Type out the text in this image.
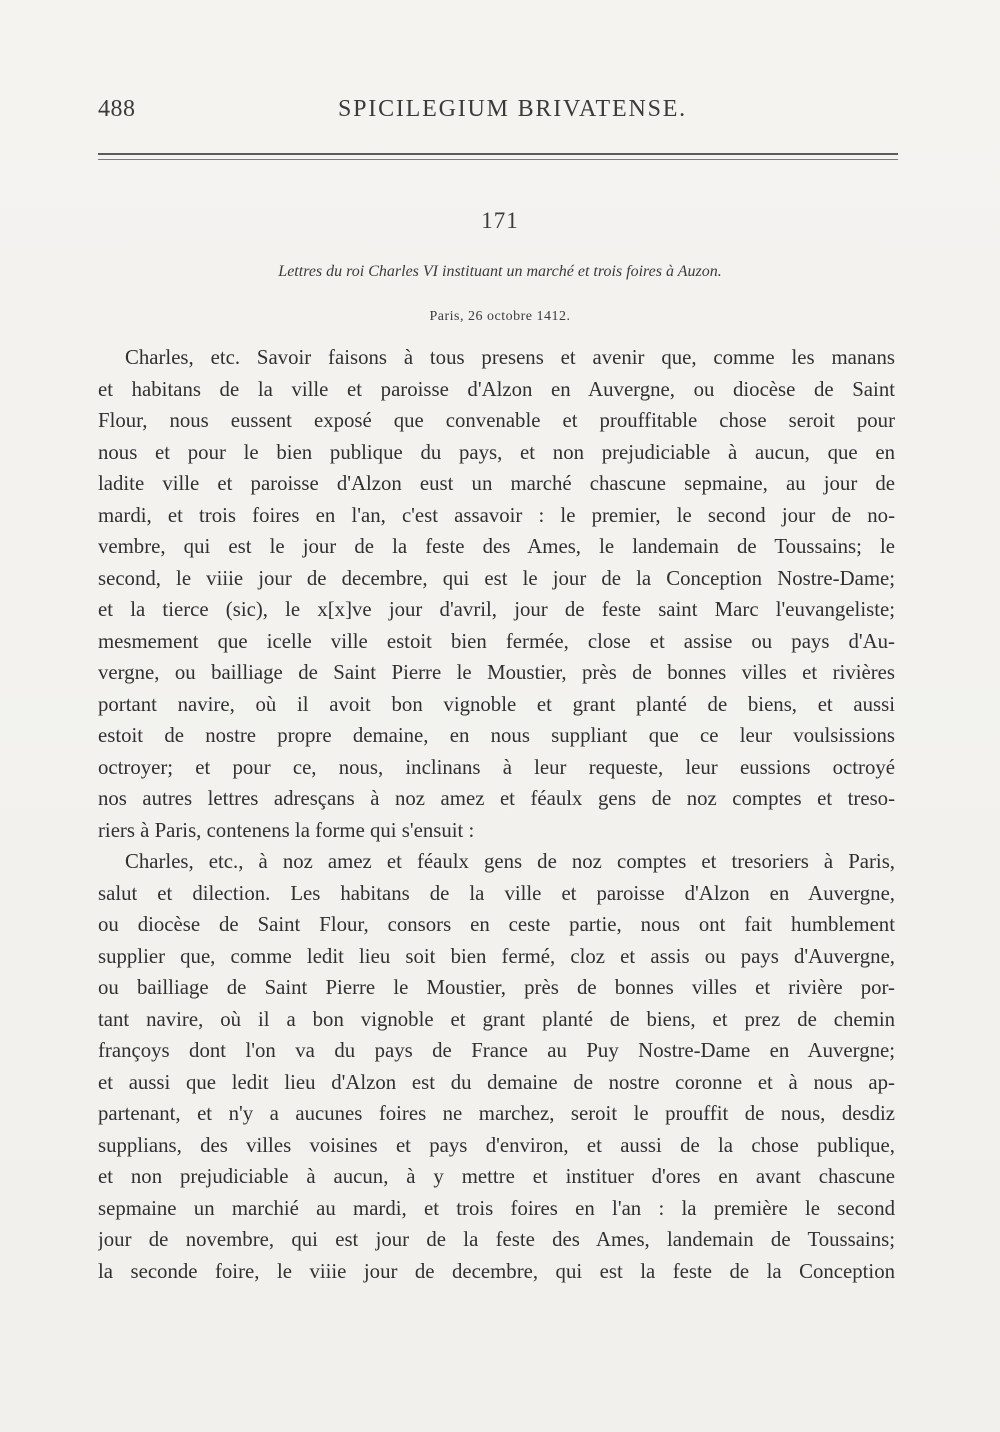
488	SPICILEGIUM BRIVATENSE.
171
Lettres du roi Charles VI instituant un marché et trois foires à Auzon.
Paris, 26 octobre 1412.
Charles, etc. Savoir faisons à tous presens et avenir que, comme les manans
et habitans de la ville et paroisse d'Alzon en Auvergne, ou diocèse de Saint
Flour, nous eussent exposé que convenable et prouffitable chose seroit pour
nous et pour le bien publique du pays, et non prejudiciable à aucun, que en
ladite ville et paroisse d'Alzon eust un marché chascune sepmaine, au jour de
mardi, et trois foires en l'an, c'est assavoir : le premier, le second jour de no-
vembre, qui est le jour de la feste des Ames, le landemain de Toussains; le
second, le viiie jour de decembre, qui est le jour de la Conception Nostre-Dame;
et la tierce (sic), le x[x]ve jour d'avril, jour de feste saint Marc l'euvangeliste;
mesmement que icelle ville estoit bien fermée, close et assise ou pays d'Au-
vergne, ou bailliage de Saint Pierre le Moustier, près de bonnes villes et rivières
portant navire, où il avoit bon vignoble et grant planté de biens, et aussi
estoit de nostre propre demaine, en nous suppliant que ce leur voulsissions
octroyer; et pour ce, nous, inclinans à leur requeste, leur eussions octroyé
nos autres lettres adresçans à noz amez et féaulx gens de noz comptes et treso-
riers à Paris, contenens la forme qui s'ensuit :
Charles, etc., à noz amez et féaulx gens de noz comptes et tresoriers à Paris,
salut et dilection. Les habitans de la ville et paroisse d'Alzon en Auvergne,
ou diocèse de Saint Flour, consors en ceste partie, nous ont fait humblement
supplier que, comme ledit lieu soit bien fermé, cloz et assis ou pays d'Auvergne,
ou bailliage de Saint Pierre le Moustier, près de bonnes villes et rivière por-
tant navire, où il a bon vignoble et grant planté de biens, et prez de chemin
françoys dont l'on va du pays de France au Puy Nostre-Dame en Auvergne;
et aussi que ledit lieu d'Alzon est du demaine de nostre coronne et à nous ap-
partenant, et n'y a aucunes foires ne marchez, seroit le prouffit de nous, desdiz
supplians, des villes voisines et pays d'environ, et aussi de la chose publique,
et non prejudiciable à aucun, à y mettre et instituer d'ores en avant chascune
sepmaine un marchié au mardi, et trois foires en l'an : la première le second
jour de novembre, qui est jour de la feste des Ames, landemain de Toussains;
la seconde foire, le viiie jour de decembre, qui est la feste de la Conception
